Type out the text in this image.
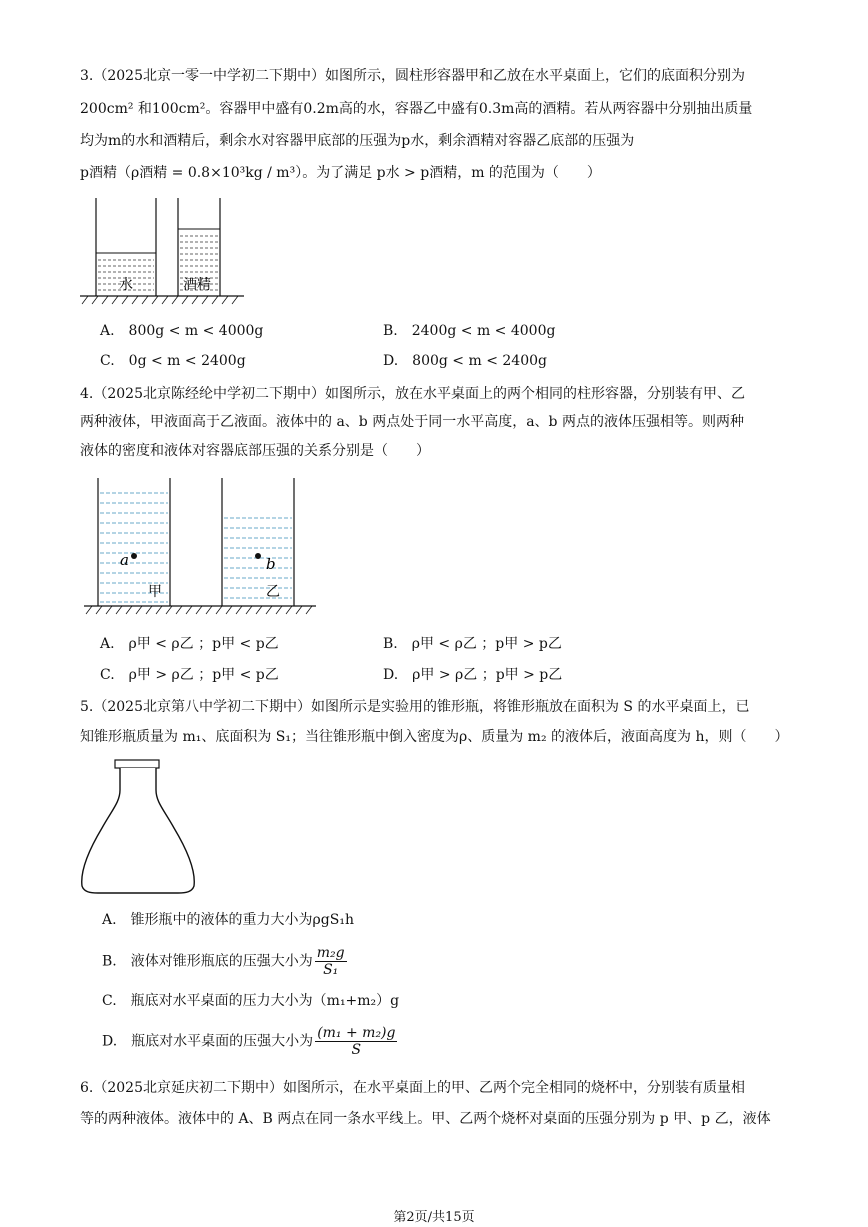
3.（2025北京一零一中学初二下期中）如图所示，圆柱形容器甲和乙放在水平桌面上，它们的底面积分别为
200cm² 和100cm²。容器甲中盛有0.2m高的水，容器乙中盛有0.3m高的酒精。若从两容器中分别抽出质量
均为m的水和酒精后，剩余水对容器甲底部的压强为p水，剩余酒精对容器乙底部的压强为
p酒精（ρ酒精 = 0.8×10³kg / m³）。为了满足 p水 > p酒精，m 的范围为（　　）
水	酒精
A.　800g < m < 4000g	B.　2400g < m < 4000g
C.　0g < m < 2400g	D.　800g < m < 2400g
4.（2025北京陈经纶中学初二下期中）如图所示，放在水平桌面上的两个相同的柱形容器，分别装有甲、乙
两种液体，甲液面高于乙液面。液体中的 a、b 两点处于同一水平高度，a、b 两点的液体压强相等。则两种
液体的密度和液体对容器底部压强的关系分别是（　　）
a	b
甲	乙
A.　ρ甲 < ρ乙 ；p甲 < p乙	B.　ρ甲 < ρ乙 ；p甲 > p乙
C.　ρ甲 > ρ乙 ；p甲 < p乙	D.　ρ甲 > ρ乙 ；p甲 > p乙
5.（2025北京第八中学初二下期中）如图所示是实验用的锥形瓶，将锥形瓶放在面积为 S 的水平桌面上，已
知锥形瓶质量为 m₁、底面积为 S₁；当往锥形瓶中倒入密度为ρ、质量为 m₂ 的液体后，液面高度为 h，则（　　）
A.　锥形瓶中的液体的重力大小为ρgS₁h
B.　液体对锥形瓶底的压强大小为 $\frac{\text{m₂g}}{\text{S₁}}$
C.　瓶底对水平桌面的压力大小为（m₁+m₂）g
D.　瓶底对水平桌面的压强大小为 $\frac{\text{(m₁ + m₂)g}}{S}$
6.（2025北京延庆初二下期中）如图所示，在水平桌面上的甲、乙两个完全相同的烧杯中，分别装有质量相
等的两种液体。液体中的 A、B 两点在同一条水平线上。甲、乙两个烧杯对桌面的压强分别为 p 甲、p 乙，液体
第2页/共15页
